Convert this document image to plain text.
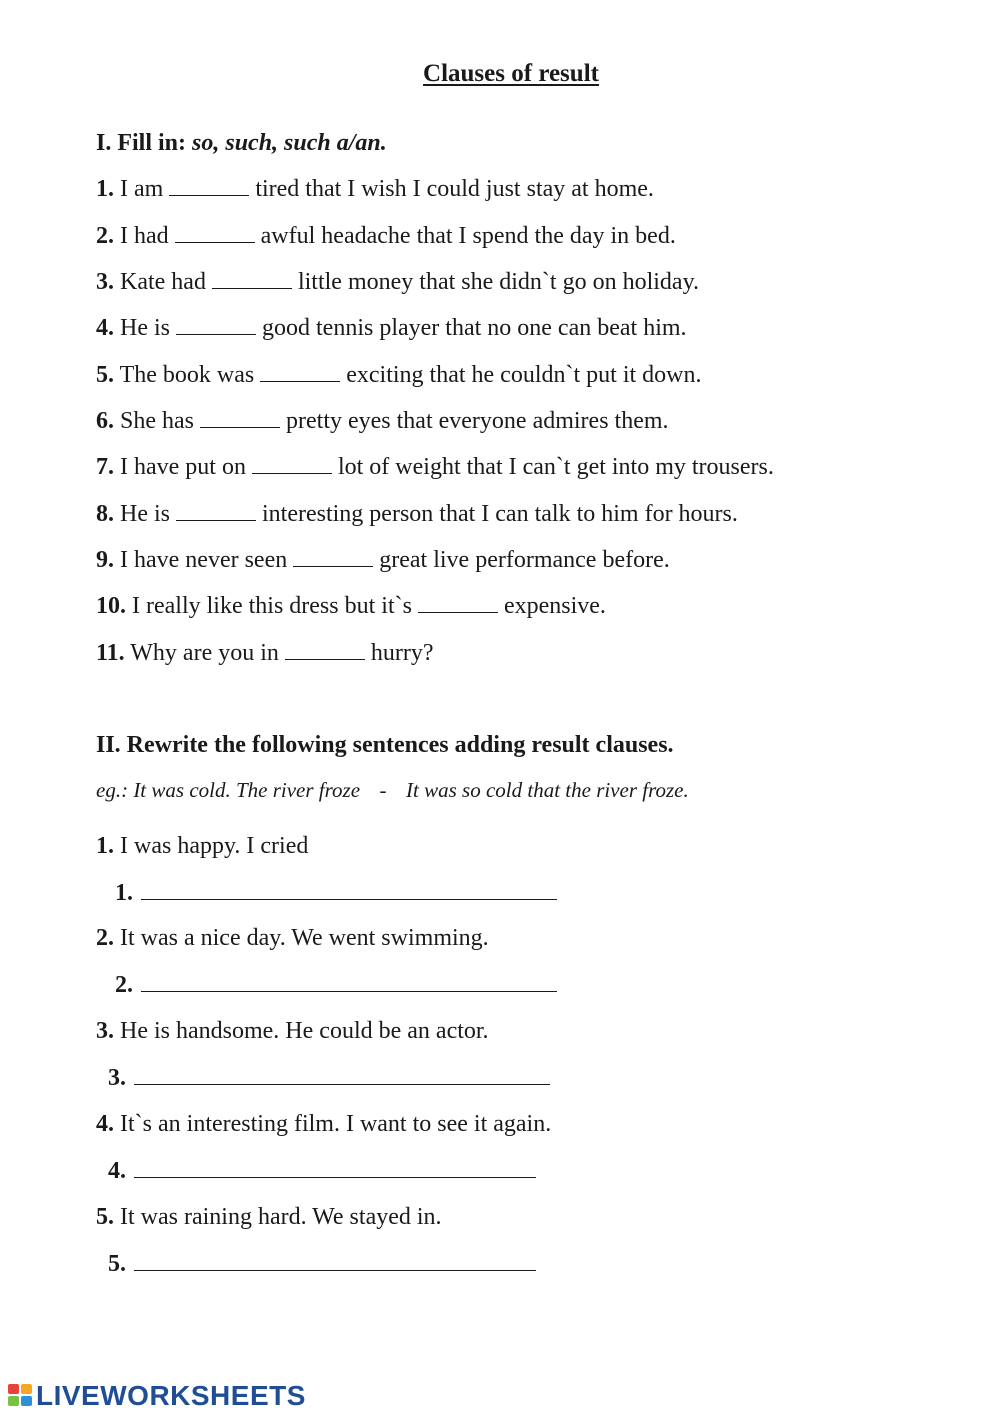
Clauses of result
I. Fill in: so, such, such a/an.
1. I am	tired that I wish I could just stay at home.
2. I had	awful headache that I spend the day in bed.
3. Kate had	little money that she didn`t go on holiday.
4. He is	good tennis player that no one can beat him.
5. The book was	exciting that he couldn`t put it down.
6. She has	pretty eyes that everyone admires them.
7. I have put on	lot of weight that I can`t get into my trousers.
8. He is	interesting person that I can talk to him for hours.
9. I have never seen	great live performance before.
10. I really like this dress but it`s	expensive.
11. Why are you in	hurry?
II. Rewrite the following sentences adding result clauses.
eg.: It was cold. The river froze - It was so cold that the river froze.
1. I was happy. I cried
1.
2. It was a nice day. We went swimming.
2.
3. He is handsome. He could be an actor.
3.
4. It`s an interesting film. I want to see it again.
4.
5. It was raining hard. We stayed in.
5.
LIVEWORKSHEETS
